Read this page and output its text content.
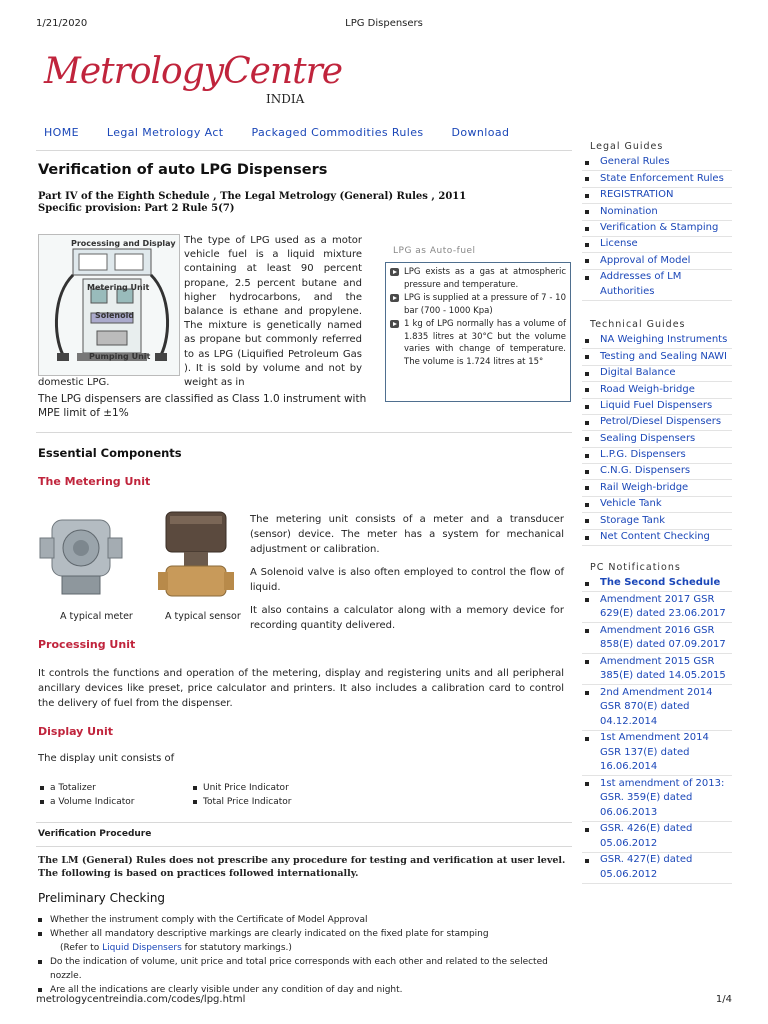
1/21/2020	LPG Dispensers
MetrologyCentre
INDIA
HOME	Legal Metrology Act	Packaged Commodities Rules	Download
Verification of auto LPG Dispensers
Part IV of the Eighth Schedule , The Legal Metrology (General) Rules , 2011
Specific provision: Part 2 Rule 5(7)
Processing and Display
Metering Unit
Solenoid
Pumping Unit

The type of LPG used as a motor vehicle fuel is a liquid mixture containing at least 90 percent propane, 2.5 percent butane and higher hydrocarbons, and the balance is ethane and propylene. The mixture is genetically named as propane but commonly referred to as LPG (Liquified Petroleum Gas ). It is sold by volume and not by weight as in

domestic LPG.

The LPG dispensers are classified as Class 1.0 instrument with MPE limit of ±1%

LPG as Auto-fuel
LPG exists as a gas at atmospheric pressure and temperature.
LPG is supplied at a pressure of 7 - 10 bar (700 - 1000 Kpa)
1 kg of LPG normally has a volume of 1.835 litres at 30°C but the volume varies with change of temperature. The volume is 1.724 litres at 15°
Essential Components
The Metering Unit
A typical meter	A typical sensor

The metering unit consists of a meter and a transducer (sensor) device. The meter has a system for mechanical adjustment or calibration.

A Solenoid valve is also often employed to control the flow of liquid.

It also contains a calculator along with a memory device for recording quantity delivered.

Processing Unit

It controls the functions and operation of the metering, display and registering units and all peripheral ancillary devices like preset, price calculator and printers. It also includes a calibration card to control the delivery of fuel from the dispenser.

Display Unit
The display unit consists of
a Totalizer
a Volume Indicator
Unit Price Indicator
Total Price Indicator
Verification Procedure

The LM (General) Rules does not prescribe any procedure for testing and verification at user level. The following is based on practices followed internationally.

Preliminary Checking
Whether the instrument comply with the Certificate of Model Approval
Whether all mandatory descriptive markings are clearly indicated on the fixed plate for stamping
(Refer to Liquid Dispensers for statutory markings.)
Do the indication of volume, unit price and total price corresponds with each other and related to the selected nozzle.
Are all the indications are clearly visible under any condition of day and night.
Legal Guides
General Rules
State Enforcement Rules
REGISTRATION
Nomination
Verification & Stamping
License
Approval of Model
Addresses of LM Authorities
Technical Guides
NA Weighing Instruments
Testing and Sealing NAWI
Digital Balance
Road Weigh-bridge
Liquid Fuel Dispensers
Petrol/Diesel Dispensers
Sealing Dispensers
L.P.G. Dispensers
C.N.G. Dispensers
Rail Weigh-bridge
Vehicle Tank
Storage Tank
Net Content Checking
PC Notifications
The Second Schedule
Amendment 2017 GSR 629(E) dated 23.06.2017
Amendment 2016 GSR 858(E) dated 07.09.2017
Amendment 2015 GSR 385(E) dated 14.05.2015
2nd Amendment 2014 GSR 870(E) dated 04.12.2014
1st Amendment 2014 GSR 137(E) dated 16.06.2014
1st amendment of 2013: GSR. 359(E) dated 06.06.2013
GSR. 426(E) dated 05.06.2012
GSR. 427(E) dated 05.06.2012
metrologycentreindia.com/codes/lpg.html	1/4
